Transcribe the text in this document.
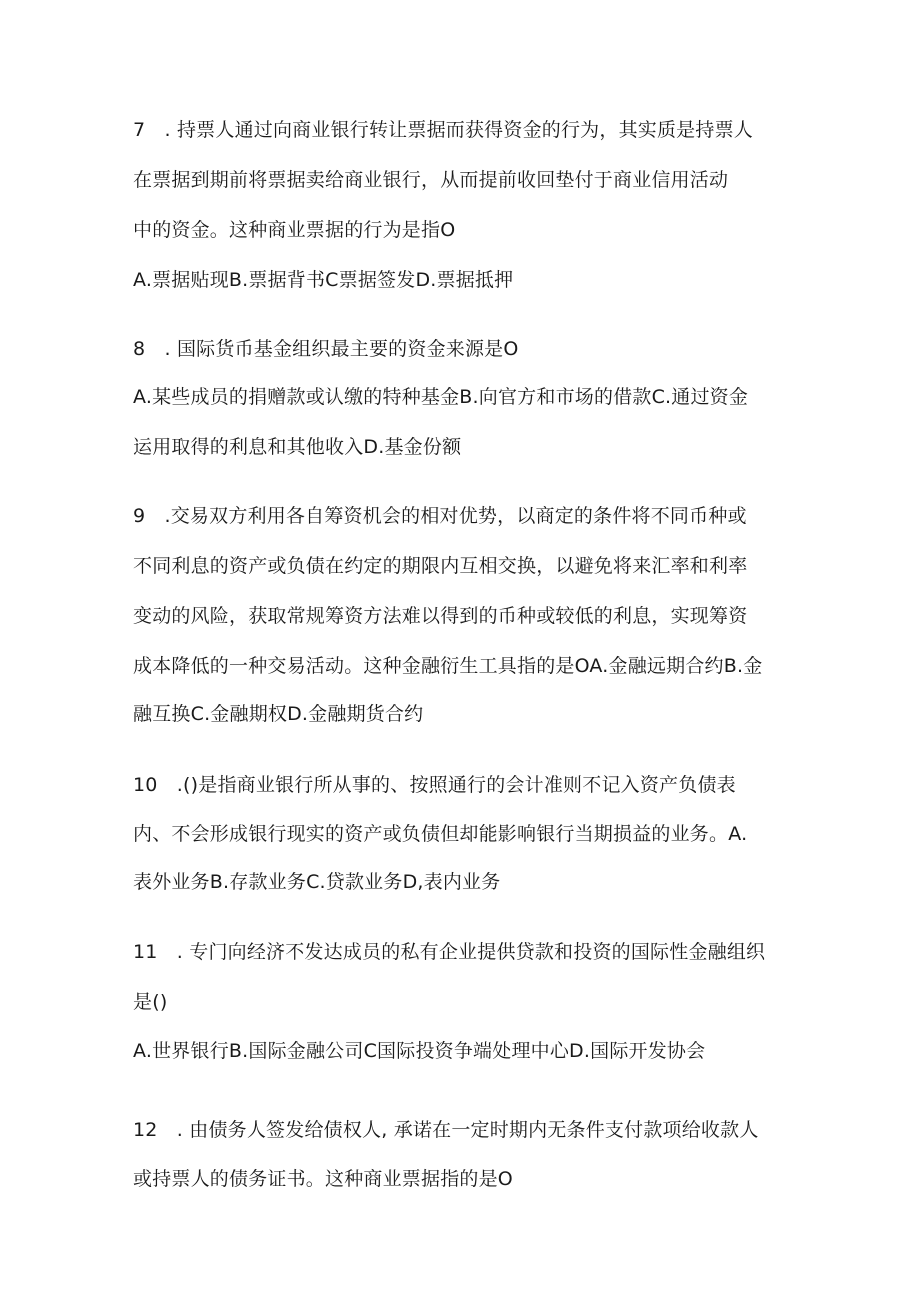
7　. 持票人通过向商业银行转让票据而获得资金的行为，其实质是持票人
在票据到期前将票据卖给商业银行，从而提前收回垫付于商业信用活动
中的资金。这种商业票据的行为是指O
A.票据贴现B.票据背书C票据签发D.票据抵押
8　. 国际货币基金组织最主要的资金来源是O
A.某些成员的捐赠款或认缴的特种基金B.向官方和市场的借款C.通过资金
运用取得的利息和其他收入D.基金份额
9　.交易双方利用各自筹资机会的相对优势，以商定的条件将不同币种或
不同利息的资产或负债在约定的期限内互相交换，以避免将来汇率和利率
变动的风险，获取常规筹资方法难以得到的币种或较低的利息，实现筹资
成本降低的一种交易活动。这种金融衍生工具指的是OA.金融远期合约B.金
融互换C.金融期权D.金融期货合约
10　.()是指商业银行所从事的、按照通行的会计准则不记入资产负债表
内、不会形成银行现实的资产或负债但却能影响银行当期损益的业务。A.
表外业务B.存款业务C.贷款业务D,表内业务
11　. 专门向经济不发达成员的私有企业提供贷款和投资的国际性金融组织
是()
A.世界银行B.国际金融公司C国际投资争端处理中心D.国际开发协会
12　. 由债务人签发给债权人, 承诺在一定时期内无条件支付款项给收款人
或持票人的债务证书。这种商业票据指的是O
